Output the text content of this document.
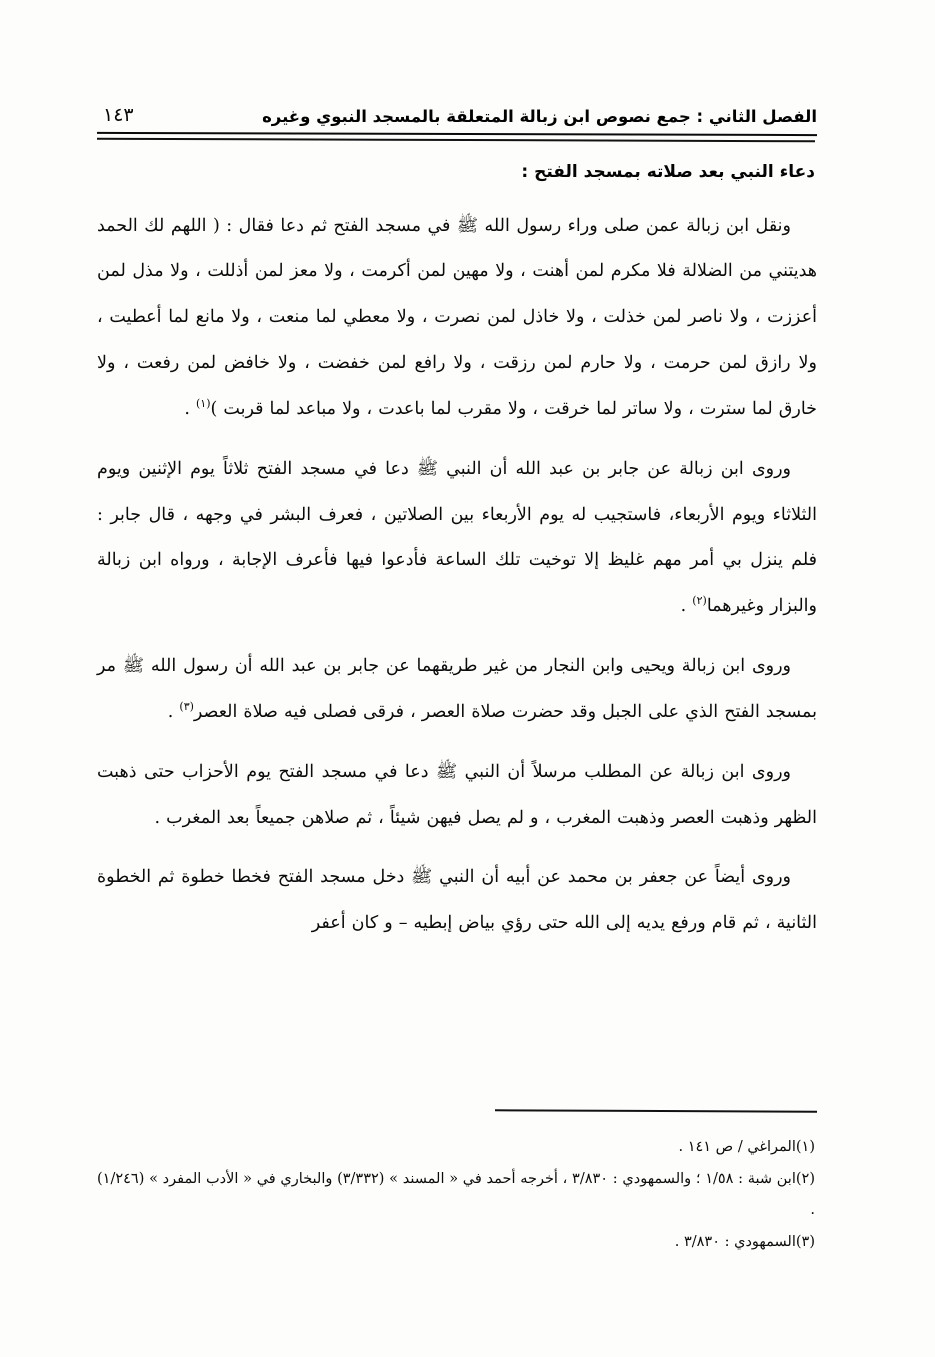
الفصل الثاني : جمع نصوص ابن زبالة المتعلقة بالمسجد النبوي وغيره
١٤٣
دعاء النبي بعد صلاته بمسجد الفتح :

ونقل ابن زبالة عمن صلى وراء رسول الله ﷺ في مسجد الفتح ثم دعا فقال : ( اللهم لك الحمد هديتني من الضلالة فلا مكرم لمن أهنت ، ولا مهين لمن أكرمت ، ولا معز لمن أذللت ، ولا مذل لمن أعززت ، ولا ناصر لمن خذلت ، ولا خاذل لمن نصرت ، ولا معطي لما منعت ، ولا مانع لما أعطيت ، ولا رازق لمن حرمت ، ولا حارم لمن رزقت ، ولا رافع لمن خفضت ، ولا خافض لمن رفعت ، ولا خارق لما سترت ، ولا ساتر لما خرقت ، ولا مقرب لما باعدت ، ولا مباعد لما قربت )$^{(١)}$ .

وروى ابن زبالة عن جابر بن عبد الله أن النبي ﷺ دعا في مسجد الفتح ثلاثاً يوم الإثنين ويوم الثلاثاء ويوم الأربعاء، فاستجيب له يوم الأربعاء بين الصلاتين ، فعرف البشر في وجهه ، قال جابر : فلم ينزل بي أمر مهم غليظ إلا توخيت تلك الساعة فأدعوا فيها فأعرف الإجابة ، ورواه ابن زبالة والبزار وغيرهما$^{(٢)}$ .

وروى ابن زبالة ويحيى وابن النجار من غير طريقهما عن جابر بن عبد الله أن رسول الله ﷺ مر بمسجد الفتح الذي على الجبل وقد حضرت صلاة العصر ، فرقى فصلى فيه صلاة العصر$^{(٣)}$ .

وروى ابن زبالة عن المطلب مرسلاً أن النبي ﷺ دعا في مسجد الفتح يوم الأحزاب حتى ذهبت الظهر وذهبت العصر وذهبت المغرب ، و لم يصل فيهن شيئاً ، ثم صلاهن جميعاً بعد المغرب .

وروى أيضاً عن جعفر بن محمد عن أبيه أن النبي ﷺ دخل مسجد الفتح فخطا خطوة ثم الخطوة الثانية ، ثم قام ورفع يديه إلى الله حتى رؤي بياض إبطيه – و كان أعفر

(١)المراغي / ص ١٤١ .

(٢)ابن شبة : ١/٥٨ ؛ والسمهودي : ٣/٨٣٠ ، أخرجه أحمد في « المسند » (٣/٣٣٢) والبخاري في « الأدب المفرد » (١/٢٤٦) .

(٣)السمهودي : ٣/٨٣٠ .
